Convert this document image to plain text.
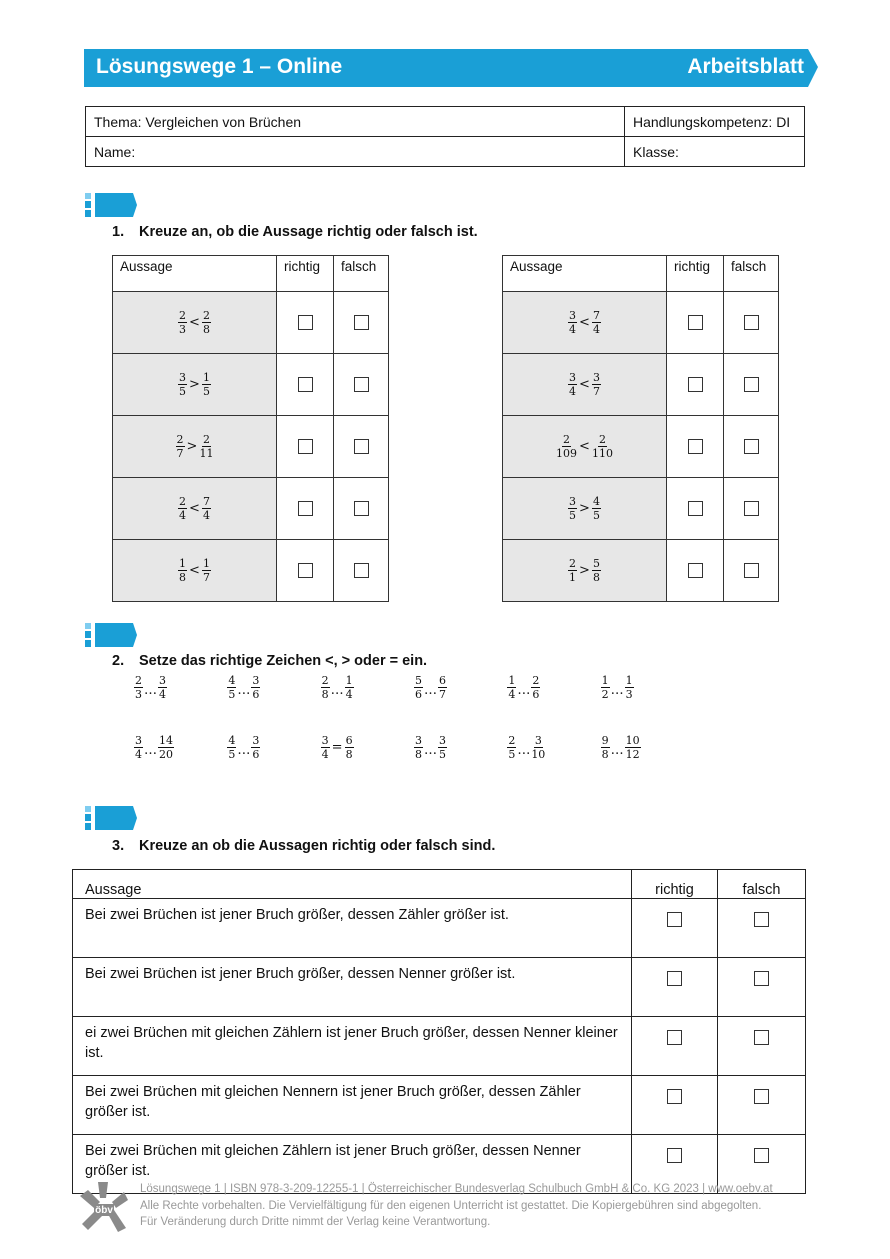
Lösungswege 1 – Online	Arbeitsblatt
Thema: Vergleichen von Brüchen	Handlungskompetenz: DI
Name:	Klasse:
1. Kreuze an, ob die Aussage richtig oder falsch ist.
Aussage	richtig	falsch

$\frac{2}{3} < \frac{2}{8}$

$\frac{3}{5} > \frac{1}{5}$

$\frac{2}{7} > \frac{2}{11}$

$\frac{2}{4} < \frac{7}{4}$

$\frac{1}{8} < \frac{1}{7}$

Aussage	richtig	falsch

$\frac{3}{4} < \frac{7}{4}$

$\frac{3}{4} < \frac{3}{7}$

$\frac{2}{109} < \frac{2}{110}$

$\frac{3}{5} > \frac{4}{5}$

$\frac{2}{1} > \frac{5}{8}$

2. Setze das richtige Zeichen <, > oder = ein.
$\frac{2}{3}$ … $\frac{3}{4}$	$\frac{4}{5}$ … $\frac{3}{6}$	$\frac{2}{8}$ … $\frac{1}{4}$	$\frac{5}{6}$ … $\frac{6}{7}$	$\frac{1}{4}$ … $\frac{2}{6}$	$\frac{1}{2}$ … $\frac{1}{3}$
$\frac{3}{4}$ … $\frac{14}{20}$	$\frac{4}{5}$ … $\frac{3}{6}$	$\frac{3}{4} = \frac{6}{8}$	$\frac{3}{8}$ … $\frac{3}{5}$	$\frac{2}{5}$ … $\frac{3}{10}$	$\frac{9}{8}$ … $\frac{10}{12}$
3. Kreuze an ob die Aussagen richtig oder falsch sind.
Aussage	richtig	falsch
Bei zwei Brüchen ist jener Bruch größer, dessen Zähler größer ist.		
Bei zwei Brüchen ist jener Bruch größer, dessen Nenner größer ist.		
ei zwei Brüchen mit gleichen Zählern ist jener Bruch größer, dessen Nenner kleiner ist.		
Bei zwei Brüchen mit gleichen Nennern ist jener Bruch größer, dessen Zähler größer ist.		
Bei zwei Brüchen mit gleichen Zählern ist jener Bruch größer, dessen Nenner größer ist.		
öbv
Lösungswege 1 | ISBN 978-3-209-12255-1 | Österreichischer Bundesverlag Schulbuch GmbH & Co. KG 2023 | www.oebv.at
Alle Rechte vorbehalten. Die Vervielfältigung für den eigenen Unterricht ist gestattet. Die Kopiergebühren sind abgegolten.
Für Veränderung durch Dritte nimmt der Verlag keine Verantwortung.
